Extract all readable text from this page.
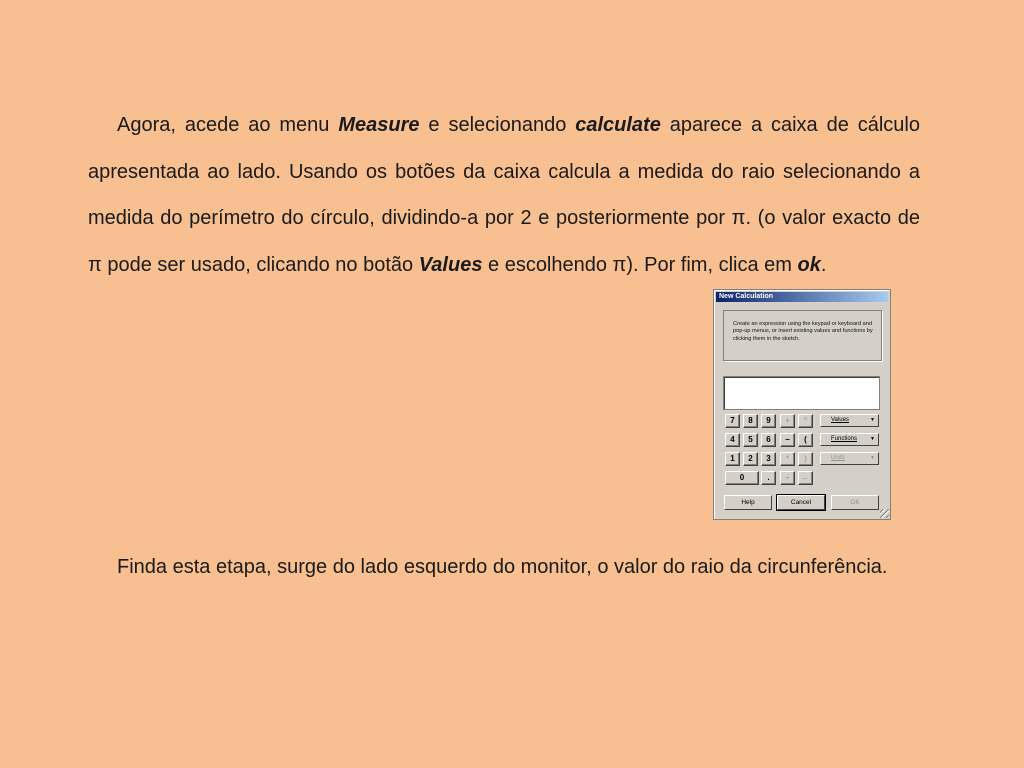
Agora, acede ao menu Measure e selecionando calculate aparece a caixa de cálculo apresentada ao lado. Usando os botões da caixa calcula a medida do raio selecionando a medida do perímetro do círculo, dividindo-a por 2 e posteriormente por π. (o valor exacto de π pode ser usado, clicando no botão Values e escolhendo π). Por fim, clica em ok.

New Calculation
Create an expression using the keypad or keyboard and pop-up menus, or insert existing values and functions by clicking them in the sketch.
7	8	9	+	^
4	5	6	−	(
1	2	3	*	)
0	.	÷	←
Values	▼
Functions	▼
Units	▼
Help	Cancel	OK

Finda esta etapa, surge do lado esquerdo do monitor, o valor do raio da circunferência.
